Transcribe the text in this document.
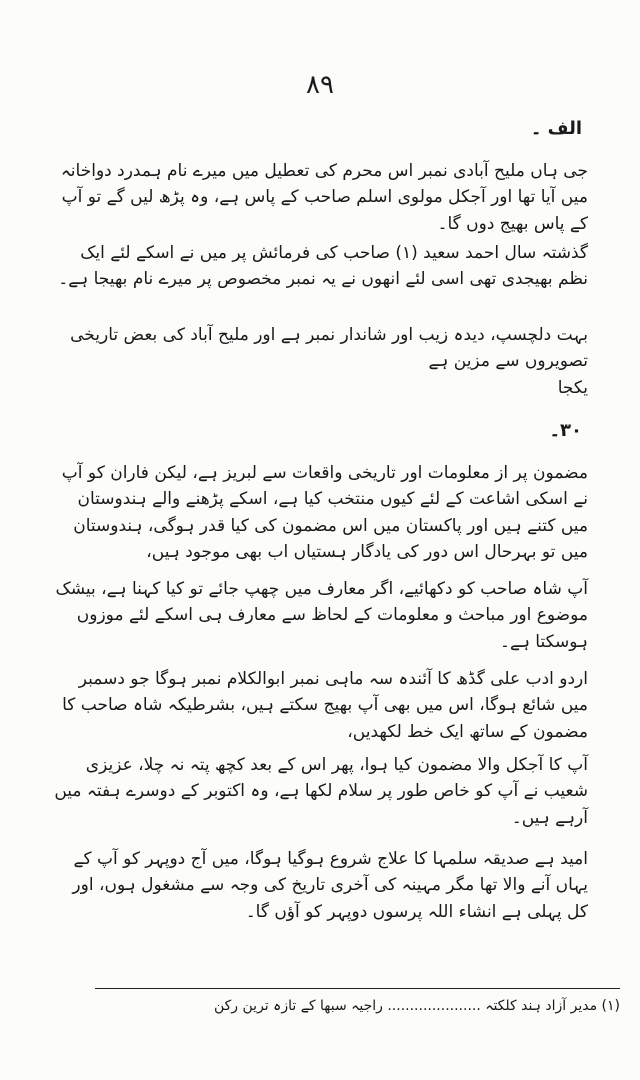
٨٩
الف ۔
جی ہاں ملیح آبادی نمبر اس محرم کی تعطیل میں میرے نام ہمدرد دواخانہ میں آیا تھا اور آجکل مولوی اسلم صاحب کے پاس ہے، وہ پڑھ لیں گے تو آپ کے پاس بھیج دوں گا۔
گذشتہ سال احمد سعید (۱) صاحب کی فرمائش پر میں نے اسکے لئے ایک نظم بھیجدی تھی اسی لئے انھوں نے یہ نمبر مخصوص پر میرے نام بھیجا ہے۔
بہت دلچسپ، دیدہ زیب اور شاندار نمبر ہے اور ملیح آباد کی بعض تاریخی تصویروں سے مزین ہے
یکجا
۳۰۔
مضمون پر از معلومات اور تاریخی واقعات سے لبریز ہے، لیکن فاران کو آپ نے اسکی اشاعت کے لئے کیوں منتخب کیا ہے، اسکے پڑھنے والے ہندوستان میں کتنے ہیں اور پاکستان میں اس مضمون کی کیا قدر ہوگی، ہندوستان میں تو بہرحال اس دور کی یادگار ہستیاں اب بھی موجود ہیں،
آپ شاہ صاحب کو دکھائیے، اگر معارف میں چھپ جائے تو کیا کہنا ہے، بیشک موضوع اور مباحث و معلومات کے لحاظ سے معارف ہی اسکے لئے موزوں ہوسکتا ہے۔
اردو ادب علی گڈھ کا آئندہ سہ ماہی نمبر ابوالکلام نمبر ہوگا جو دسمبر میں شائع ہوگا، اس میں بھی آپ بھیج سکتے ہیں، بشرطیکہ شاہ صاحب کا مضمون کے ساتھ ایک خط لکھدیں،
آپ کا آجکل والا مضمون کیا ہوا، پھر اس کے بعد کچھ پتہ نہ چلا، عزیزی شعیب نے آپ کو خاص طور پر سلام لکھا ہے، وہ اکتوبر کے دوسرے ہفتہ میں آرہے ہیں۔
امید ہے صدیقہ سلمہا کا علاج شروع ہوگیا ہوگا، میں آج دوپہر کو آپ کے یہاں آنے والا تھا مگر مہینہ کی آخری تاریخ کی وجہ سے مشغول ہوں، اور کل پہلی ہے انشاء اللہ پرسوں دوپہر کو آؤں گا۔
(۱) مدیر آزاد ہند کلکتہ ..................... راجیہ سبھا کے تازہ ترین رکن
